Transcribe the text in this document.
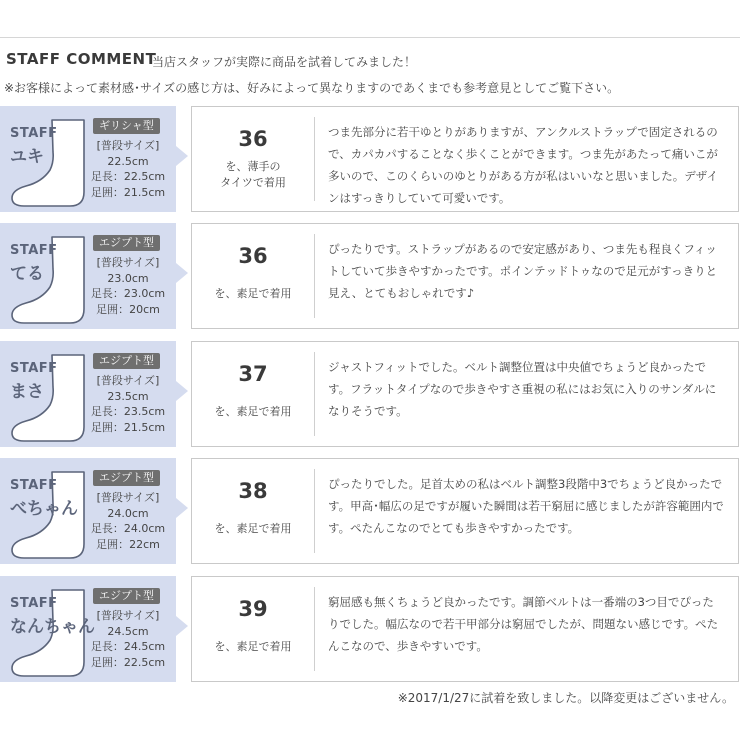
STAFF COMMENT
当店スタッフが実際に商品を試着してみました！
※お客様によって素材感･サイズの感じ方は、好みによって異なりますのであくまでも参考意見としてご覧下さい。
STAFF
ユキ
ギリシャ型
[普段サイズ]
22.5cm
足長：22.5cm
足囲：21.5cm
36
を、薄手の
タイツで着用
つま先部分に若干ゆとりがありますが、アンクルストラップで固定されるので、カパカパすることなく歩くことができます。つま先があたって痛いこが多いので、このくらいのゆとりがある方が私はいいなと思いました。デザインはすっきりしていて可愛いです。
STAFF
てる
エジプト型
[普段サイズ]
23.0cm
足長：23.0cm
足囲：20cm
36
を、素足で着用
ぴったりです。ストラップがあるので安定感があり、つま先も程良くフィットしていて歩きやすかったです。ポインテッドトゥなので足元がすっきりと見え、とてもおしゃれです♪
STAFF
まさ
エジプト型
[普段サイズ]
23.5cm
足長：23.5cm
足囲：21.5cm
37
を、素足で着用
ジャストフィットでした。ベルト調整位置は中央値でちょうど良かったです。フラットタイプなので歩きやすさ重視の私にはお気に入りのサンダルになりそうです。
STAFF
べちゃん
エジプト型
[普段サイズ]
24.0cm
足長：24.0cm
足囲：22cm
38
を、素足で着用
ぴったりでした。足首太めの私はベルト調整3段階中3でちょうど良かったです。甲高･幅広の足ですが履いた瞬間は若干窮屈に感じましたが許容範囲内です。ぺたんこなのでとても歩きやすかったです。
STAFF
なんちゃん
エジプト型
[普段サイズ]
24.5cm
足長：24.5cm
足囲：22.5cm
39
を、素足で着用
窮屈感も無くちょうど良かったです。調節ベルトは一番端の3つ目でぴったりでした。幅広なので若干甲部分は窮屈でしたが、問題ない感じです。ぺたんこなので、歩きやすいです。
※2017/1/27に試着を致しました。以降変更はございません。
